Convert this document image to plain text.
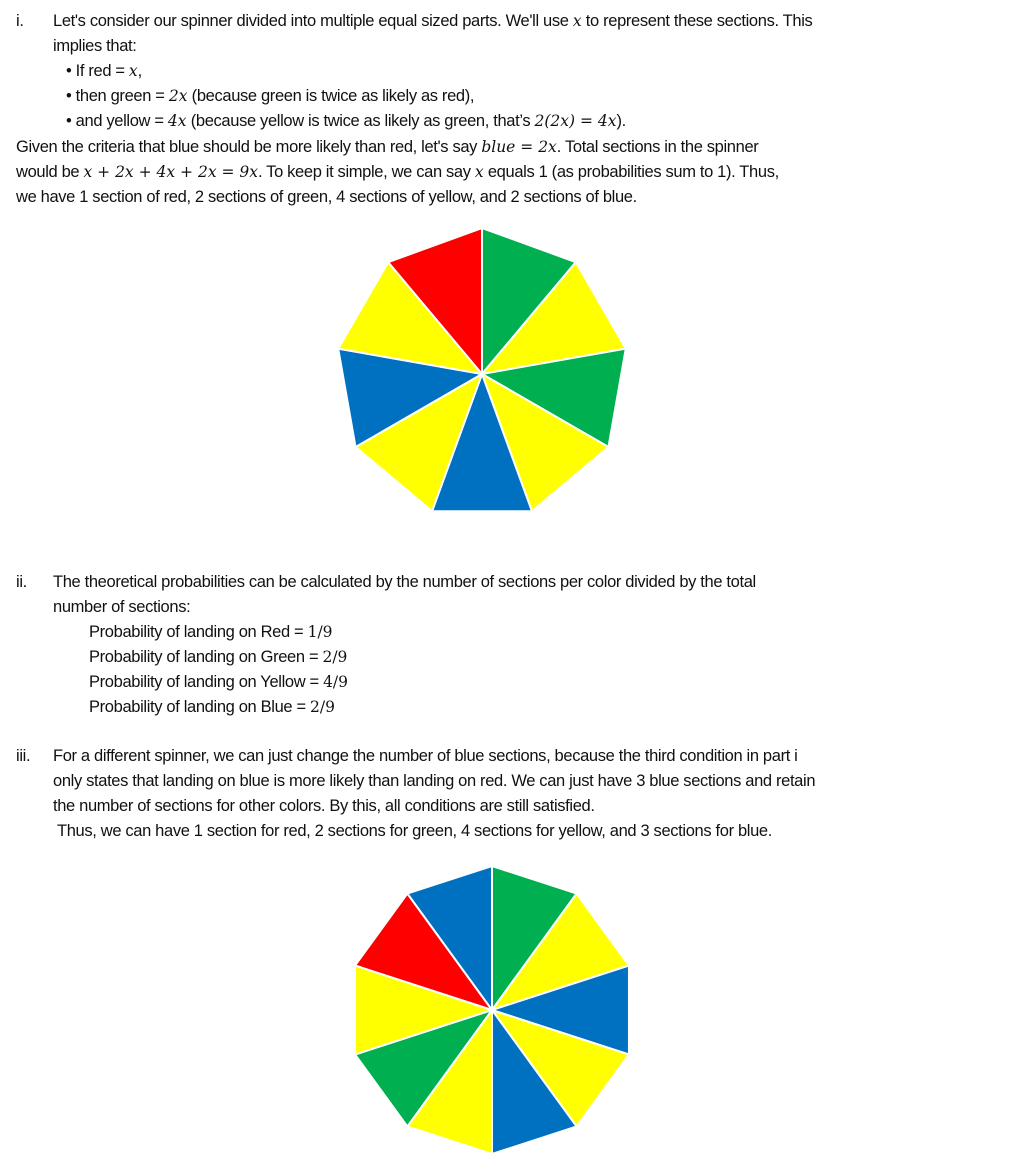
i. Let's consider our spinner divided into multiple equal sized parts. We'll use x to represent these sections. This
implies that:
• If red = x,
• then green = 2x (because green is twice as likely as red),
• and yellow = 4x (because yellow is twice as likely as green, that’s 2(2x) = 4x).
Given the criteria that blue should be more likely than red, let's say blue = 2x. Total sections in the spinner
would be x + 2x + 4x + 2x = 9x. To keep it simple, we can say x equals 1 (as probabilities sum to 1). Thus,
we have 1 section of red, 2 sections of green, 4 sections of yellow, and 2 sections of blue.
ii. The theoretical probabilities can be calculated by the number of sections per color divided by the total
number of sections:
Probability of landing on Red = 1/9
Probability of landing on Green = 2/9
Probability of landing on Yellow = 4/9
Probability of landing on Blue = 2/9
iii. For a different spinner, we can just change the number of blue sections, because the third condition in part i
only states that landing on blue is more likely than landing on red. We can just have 3 blue sections and retain
the number of sections for other colors. By this, all conditions are still satisfied.
Thus, we can have 1 section for red, 2 sections for green, 4 sections for yellow, and 3 sections for blue.
